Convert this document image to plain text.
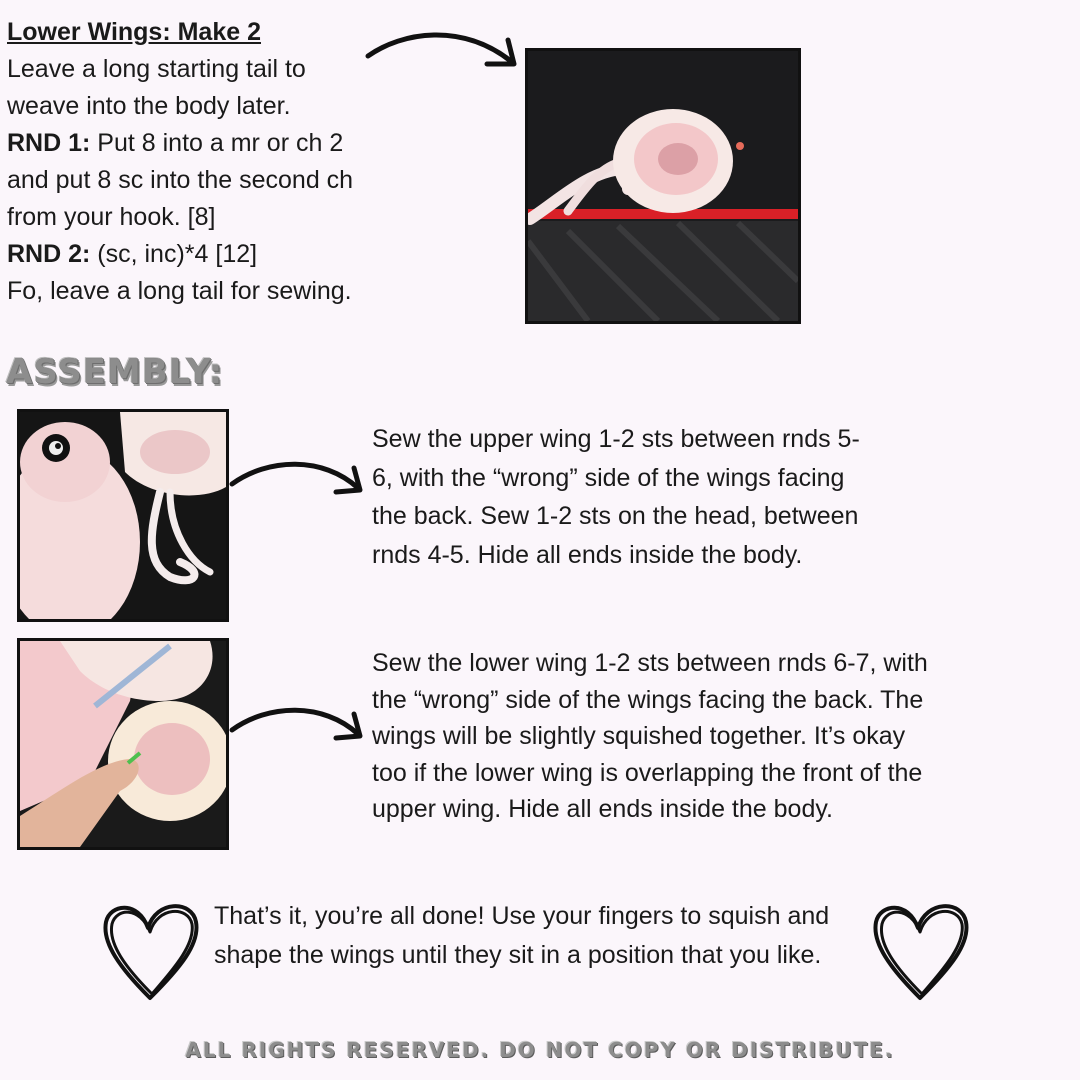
Lower Wings: Make 2
Leave a long starting tail to weave into the body later.
RND 1: Put 8 into a mr or ch 2 and put 8 sc into the second ch from your hook. [8]
RND 2: (sc, inc)*4 [12]
Fo, leave a long tail for sewing.
ASSEMBLY:
Sew the upper wing 1-2 sts between rnds 5-6, with the “wrong” side of the wings facing the back. Sew 1-2 sts on the head, between rnds 4-5. Hide all ends inside the body.
Sew the lower wing 1-2 sts between rnds 6-7, with the “wrong” side of the wings facing the back. The wings will be slightly squished together. It’s okay too if the lower wing is overlapping the front of the upper wing. Hide all ends inside the body.
That’s it, you’re all done! Use your fingers to squish and shape the wings until they sit in a position that you like.
ALL RIGHTS RESERVED. DO NOT COPY OR DISTRIBUTE.
